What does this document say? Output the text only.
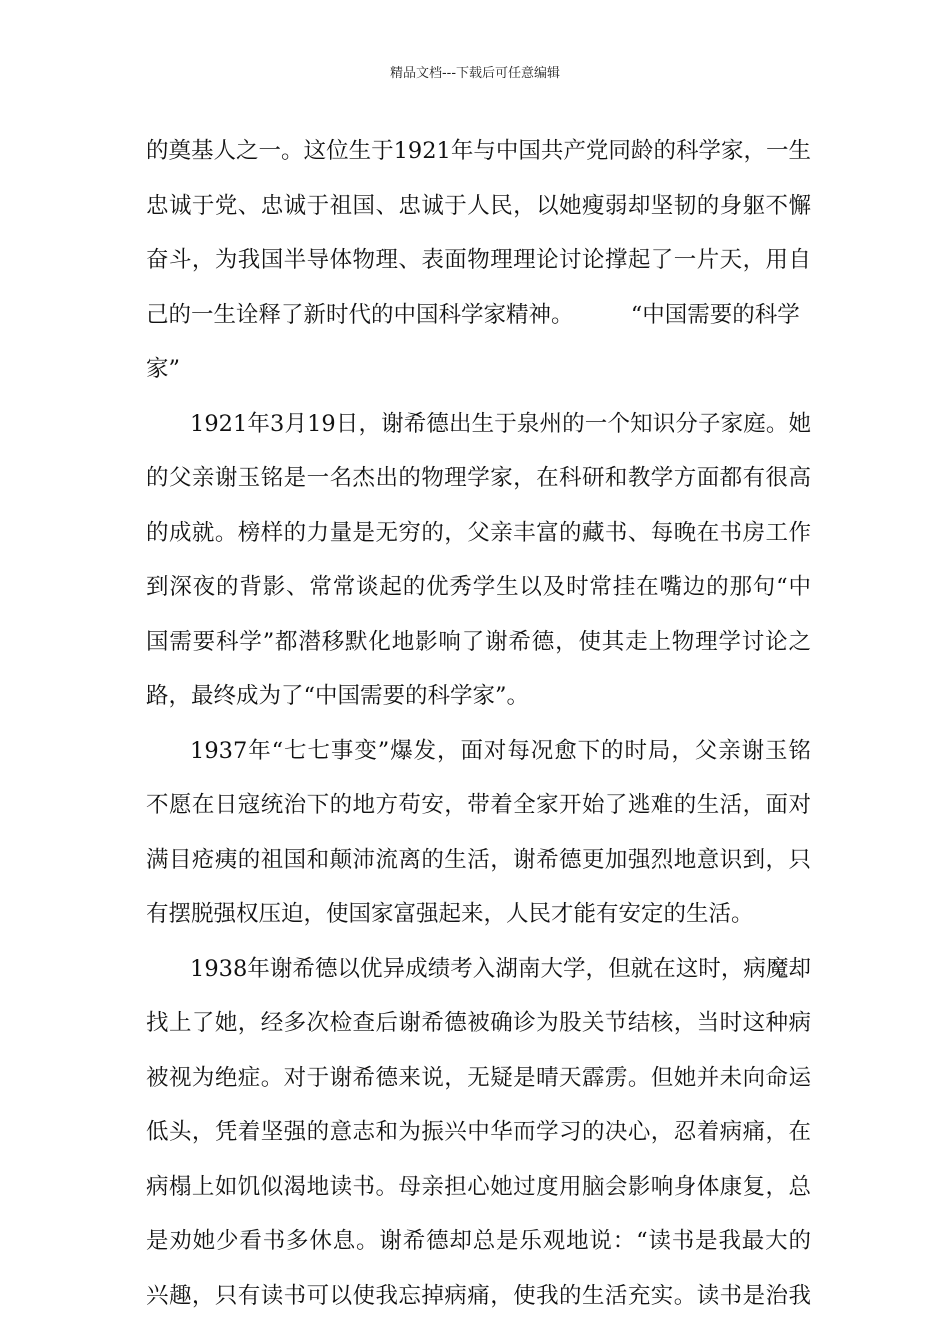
精品文档---下载后可任意编辑
的奠基人之一。这位生于1921年与中国共产党同龄的科学家，一生
忠诚于党、忠诚于祖国、忠诚于人民，以她瘦弱却坚韧的身躯不懈
奋斗，为我国半导体物理、表面物理理论讨论撑起了一片天，用自
己的一生诠释了新时代的中国科学家精神。        “中国需要的科学
家”
1921年3月19日，谢希德出生于泉州的一个知识分子家庭。她
的父亲谢玉铭是一名杰出的物理学家，在科研和教学方面都有很高
的成就。榜样的力量是无穷的，父亲丰富的藏书、每晚在书房工作
到深夜的背影、常常谈起的优秀学生以及时常挂在嘴边的那句“中
国需要科学”都潜移默化地影响了谢希德，使其走上物理学讨论之
路，最终成为了“中国需要的科学家”。
1937年“七七事变”爆发，面对每况愈下的时局，父亲谢玉铭
不愿在日寇统治下的地方苟安，带着全家开始了逃难的生活，面对
满目疮痍的祖国和颠沛流离的生活，谢希德更加强烈地意识到，只
有摆脱强权压迫，使国家富强起来，人民才能有安定的生活。
1938年谢希德以优异成绩考入湖南大学，但就在这时，病魔却
找上了她，经多次检查后谢希德被确诊为股关节结核，当时这种病
被视为绝症。对于谢希德来说，无疑是晴天霹雳。但她并未向命运
低头，凭着坚强的意志和为振兴中华而学习的决心，忍着病痛，在
病榻上如饥似渴地读书。母亲担心她过度用脑会影响身体康复，总
是劝她少看书多休息。谢希德却总是乐观地说：“读书是我最大的
兴趣，只有读书可以使我忘掉病痛，使我的生活充实。读书是治我
